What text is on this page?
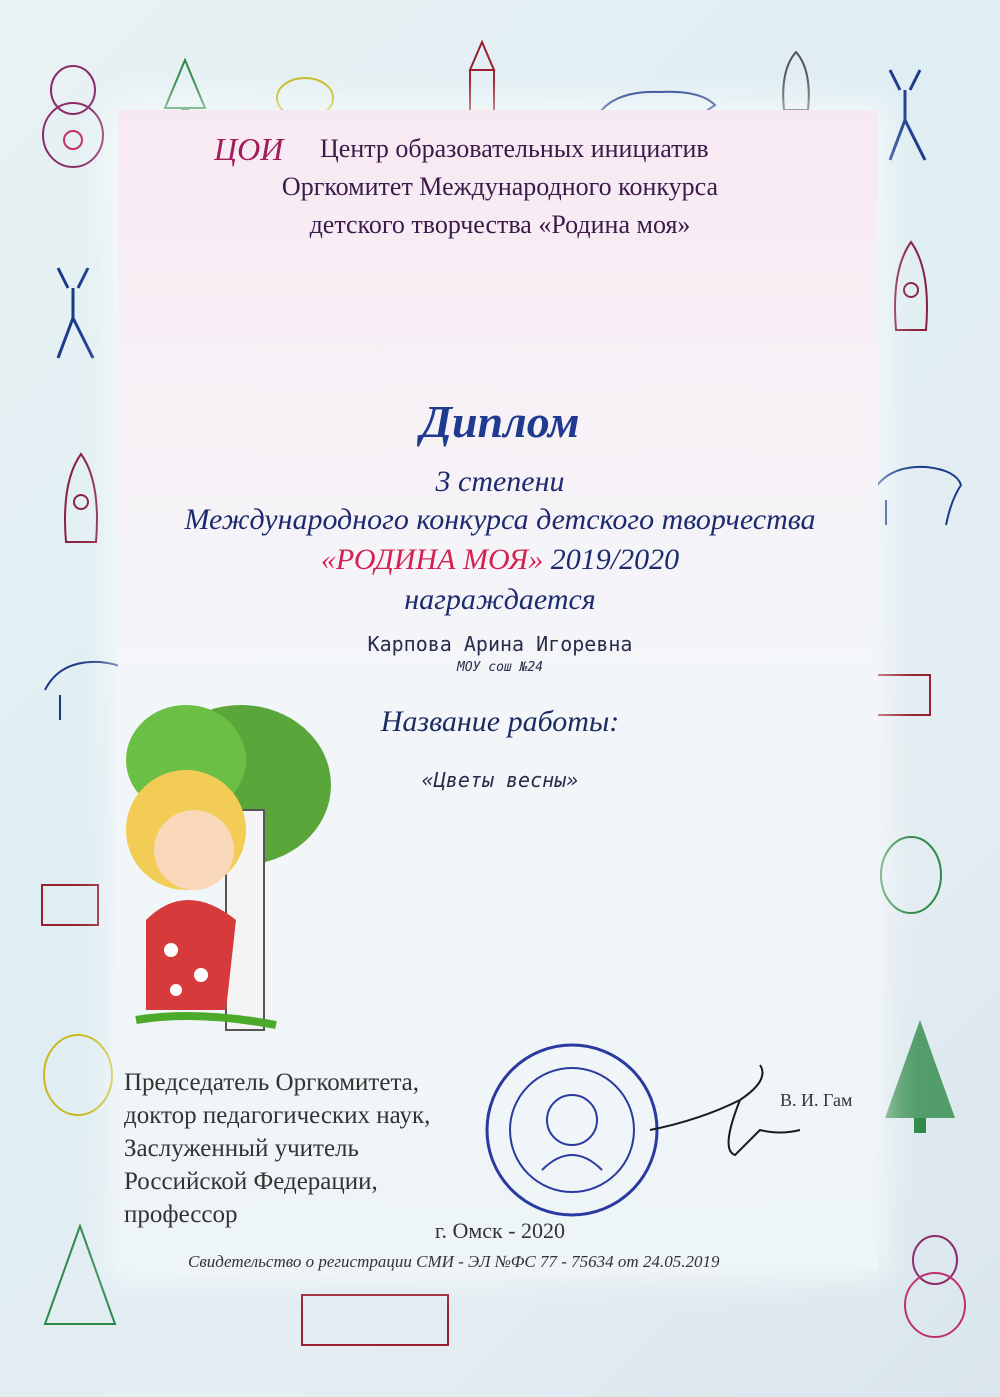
ЦОИ	Центр образовательных инициатив
Оргкомитет Международного конкурса
детского творчества «Родина моя»
Диплом
3 степени
Международного конкурса детского творчества
«РОДИНА МОЯ» 2019/2020
награждается
Карпова Арина Игоревна
МОУ сош №24
Название работы:
«Цветы весны»
Председатель Оргкомитета,
доктор педагогических наук,
Заслуженный учитель
Российской Федерации,
профессор
В. И. Гам
г. Омск - 2020
Свидетельство о регистрации СМИ - ЭЛ №ФС 77 - 75634 от 24.05.2019
